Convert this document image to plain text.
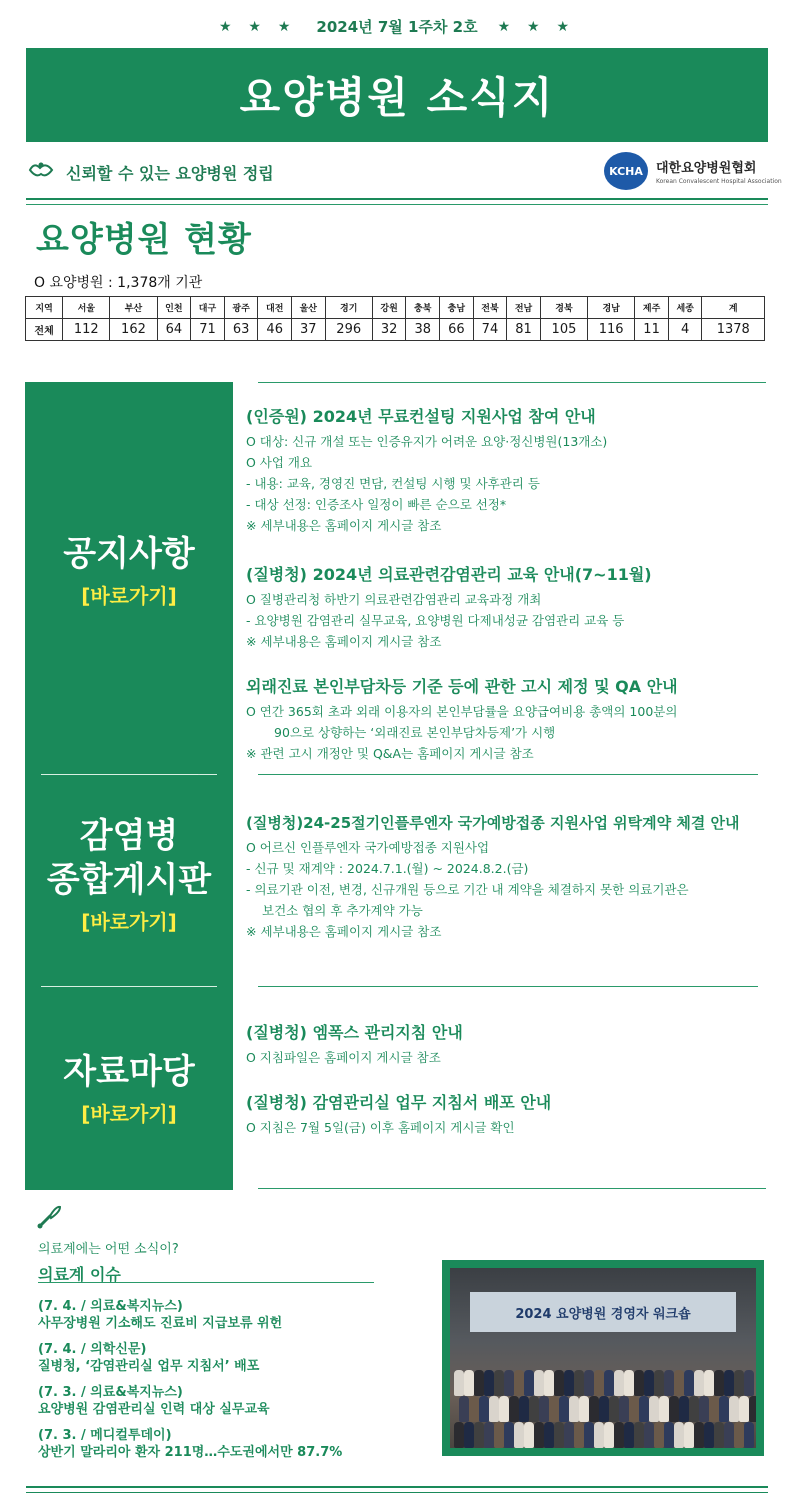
★ ★ ★ 2024년 7월 1주차 2호 ★ ★ ★
요양병원 소식지
신뢰할 수 있는 요양병원 정립	KCHA 대한요양병원협회
Korean Convalescent Hospital Association
요양병원 현황
O 요양병원 : 1,378개 기관
지역	서울	부산	인천	대구	광주	대전	울산	경기	강원	충북	충남	전북	전남	경북	경남	제주	세종	계
전체	112	162	64	71	63	46	37	296	32	38	66	74	81	105	116	11	4	1378
공지사항
[바로가기]
감염병
종합게시판
[바로가기]
자료마당
[바로가기]
(인증원) 2024년 무료컨설팅 지원사업 참여 안내
O 대상: 신규 개설 또는 인증유지가 어려운 요양·정신병원(13개소)
O 사업 개요
- 내용: 교육, 경영진 면담, 컨설팅 시행 및 사후관리 등
- 대상 선정: 인증조사 일정이 빠른 순으로 선정*
※ 세부내용은 홈페이지 게시글 참조
(질병청) 2024년 의료관련감염관리 교육 안내(7~11월)
O 질병관리청 하반기 의료관련감염관리 교육과정 개최
- 요양병원 감염관리 실무교육, 요양병원 다제내성균 감염관리 교육 등
※ 세부내용은 홈페이지 게시글 참조
외래진료 본인부담차등 기준 등에 관한 고시 제정 및 QA 안내
O 연간 365회 초과 외래 이용자의 본인부담률을 요양급여비용 총액의 100분의
90으로 상향하는 ‘외래진료 본인부담차등제’가 시행
※ 관련 고시 개정안 및 Q&A는 홈페이지 게시글 참조
(질병청)24-25절기인플루엔자 국가예방접종 지원사업 위탁계약 체결 안내
O 어르신 인플루엔자 국가예방접종 지원사업
- 신규 및 재계약 : 2024.7.1.(월) ~ 2024.8.2.(금)
- 의료기관 이전, 변경, 신규개원 등으로 기간 내 계약을 체결하지 못한 의료기관은
보건소 협의 후 추가계약 가능
※ 세부내용은 홈페이지 게시글 참조
(질병청) 엠폭스 관리지침 안내
O 지침파일은 홈페이지 게시글 참조
(질병청) 감염관리실 업무 지침서 배포 안내
O 지침은 7월 5일(금) 이후 홈페이지 게시글 확인
의료계에는 어떤 소식이?
의료계 이슈
(7. 4. / 의료&복지뉴스)
사무장병원 기소해도 진료비 지급보류 위헌
(7. 4. / 의학신문)
질병청, ‘감염관리실 업무 지침서’ 배포
(7. 3. / 의료&복지뉴스)
요양병원 감염관리실 인력 대상 실무교육
(7. 3. / 메디컬투데이)
상반기 말라리아 환자 211명…수도권에서만 87.7%
2024 요양병원 경영자 워크숍
